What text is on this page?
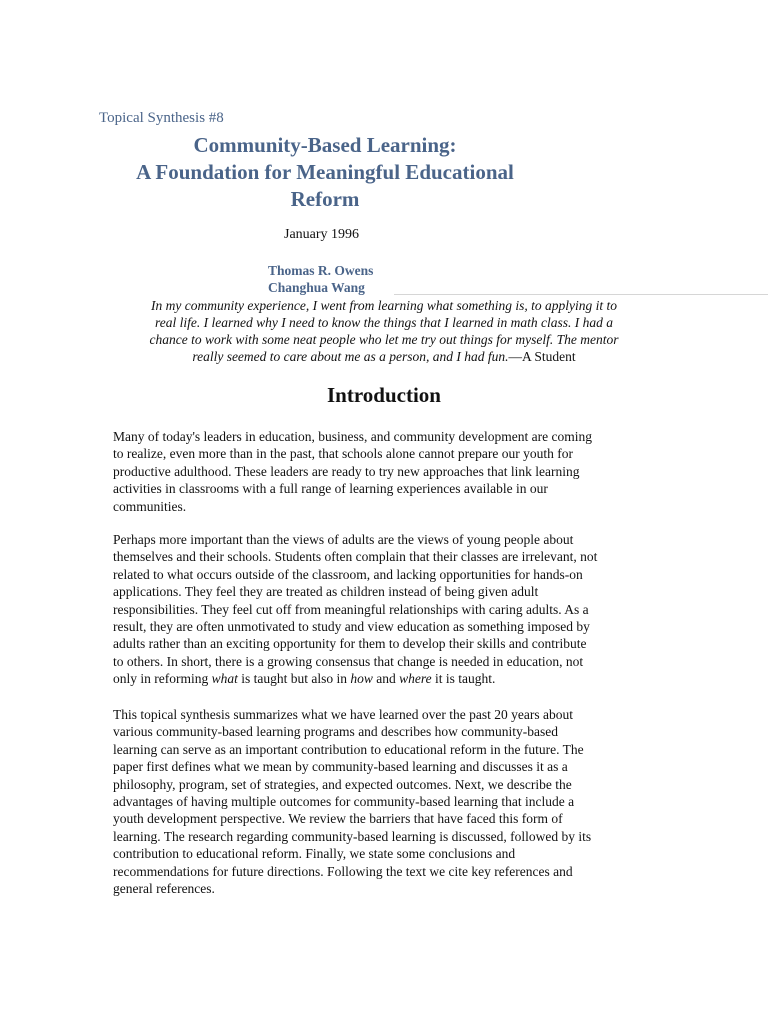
Topical Synthesis #8
Community-Based Learning:
A Foundation for Meaningful Educational
Reform
January 1996
Thomas R. Owens
Changhua Wang
In my community experience, I went from learning what something is, to applying it to
real life. I learned why I need to know the things that I learned in math class. I had a
chance to work with some neat people who let me try out things for myself. The mentor
really seemed to care about me as a person, and I had fun.—A Student
Introduction
Many of today's leaders in education, business, and community development are coming
to realize, even more than in the past, that schools alone cannot prepare our youth for
productive adulthood. These leaders are ready to try new approaches that link learning
activities in classrooms with a full range of learning experiences available in our
communities.
Perhaps more important than the views of adults are the views of young people about
themselves and their schools. Students often complain that their classes are irrelevant, not
related to what occurs outside of the classroom, and lacking opportunities for hands-on
applications. They feel they are treated as children instead of being given adult
responsibilities. They feel cut off from meaningful relationships with caring adults. As a
result, they are often unmotivated to study and view education as something imposed by
adults rather than an exciting opportunity for them to develop their skills and contribute
to others. In short, there is a growing consensus that change is needed in education, not
only in reforming what is taught but also in how and where it is taught.
This topical synthesis summarizes what we have learned over the past 20 years about
various community-based learning programs and describes how community-based
learning can serve as an important contribution to educational reform in the future. The
paper first defines what we mean by community-based learning and discusses it as a
philosophy, program, set of strategies, and expected outcomes. Next, we describe the
advantages of having multiple outcomes for community-based learning that include a
youth development perspective. We review the barriers that have faced this form of
learning. The research regarding community-based learning is discussed, followed by its
contribution to educational reform. Finally, we state some conclusions and
recommendations for future directions. Following the text we cite key references and
general references.
